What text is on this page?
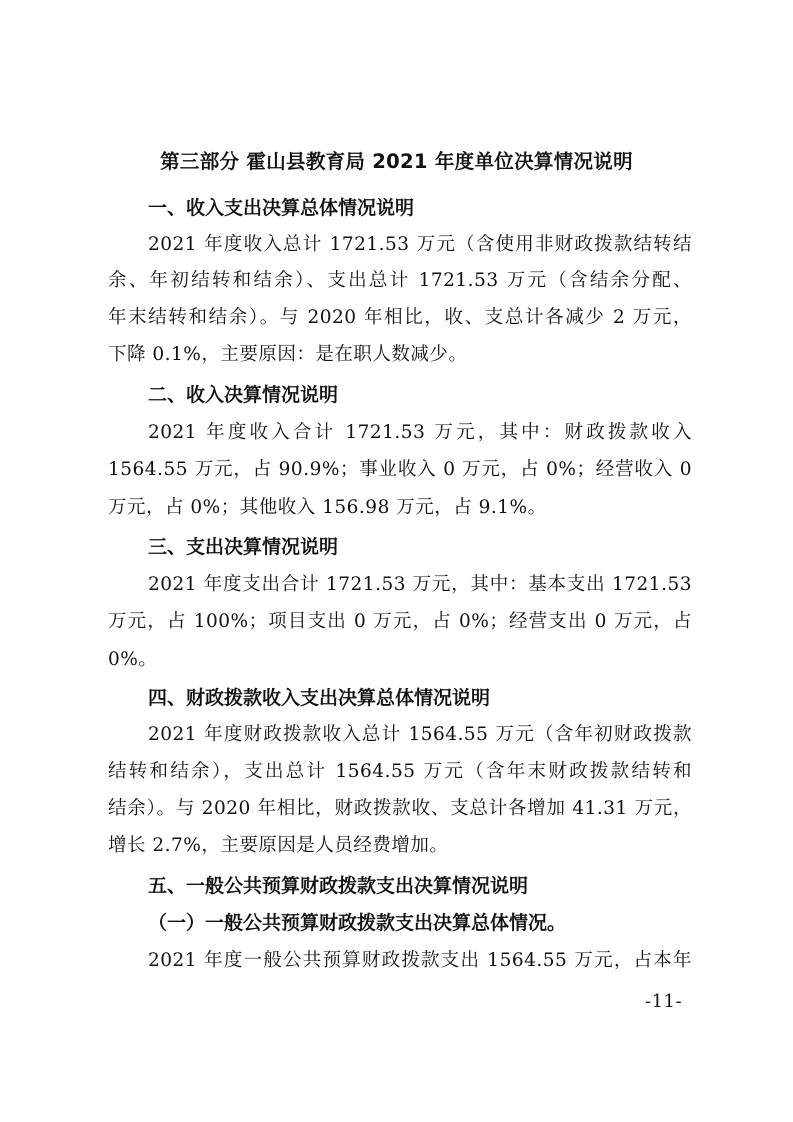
第三部分 霍山县教育局 2021 年度单位决算情况说明
一、收入支出决算总体情况说明
2021 年度收入总计 1721.53 万元（含使用非财政拨款结转结
余、年初结转和结余）、支出总计 1721.53 万元（含结余分配、
年末结转和结余）。与 2020 年相比，收、支总计各减少 2 万元，
下降 0.1%，主要原因：是在职人数减少。
二、收入决算情况说明
2021 年度收入合计 1721.53 万元，其中：财政拨款收入
1564.55 万元，占 90.9%；事业收入 0 万元，占 0%；经营收入 0
万元，占 0%；其他收入 156.98 万元，占 9.1%。
三、支出决算情况说明
2021 年度支出合计 1721.53 万元，其中：基本支出 1721.53
万元，占 100%；项目支出 0 万元，占 0%；经营支出 0 万元，占
0%。
四、财政拨款收入支出决算总体情况说明
2021 年度财政拨款收入总计 1564.55 万元（含年初财政拨款
结转和结余），支出总计 1564.55 万元（含年末财政拨款结转和
结余）。与 2020 年相比，财政拨款收、支总计各增加 41.31 万元，
增长 2.7%，主要原因是人员经费增加。
五、一般公共预算财政拨款支出决算情况说明
（一）一般公共预算财政拨款支出决算总体情况。
2021 年度一般公共预算财政拨款支出 1564.55 万元，占本年
-11-
